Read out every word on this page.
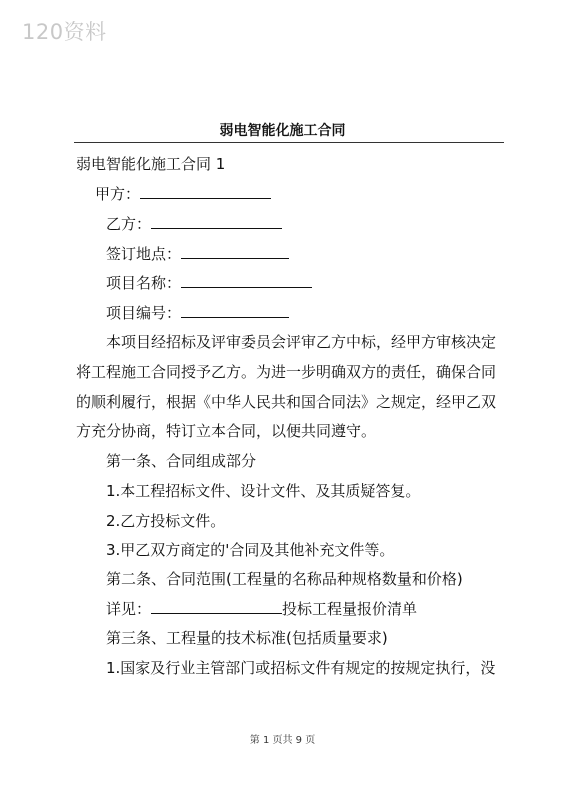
120资料
弱电智能化施工合同
弱电智能化施工合同 1
甲方：
乙方：
签订地点：
项目名称：
项目编号：
本项目经招标及评审委员会评审乙方中标，经甲方审核决定
将工程施工合同授予乙方。为进一步明确双方的责任，确保合同
的顺利履行，根据《中华人民共和国合同法》之规定，经甲乙双
方充分协商，特订立本合同，以便共同遵守。
第一条、合同组成部分
1.本工程招标文件、设计文件、及其质疑答复。
2.乙方投标文件。
3.甲乙双方商定的'合同及其他补充文件等。
第二条、合同范围(工程量的名称品种规格数量和价格)
详见：	投标工程量报价清单
第三条、工程量的技术标准(包括质量要求)
1.国家及行业主管部门或招标文件有规定的按规定执行，没
第 1 页共 9 页
